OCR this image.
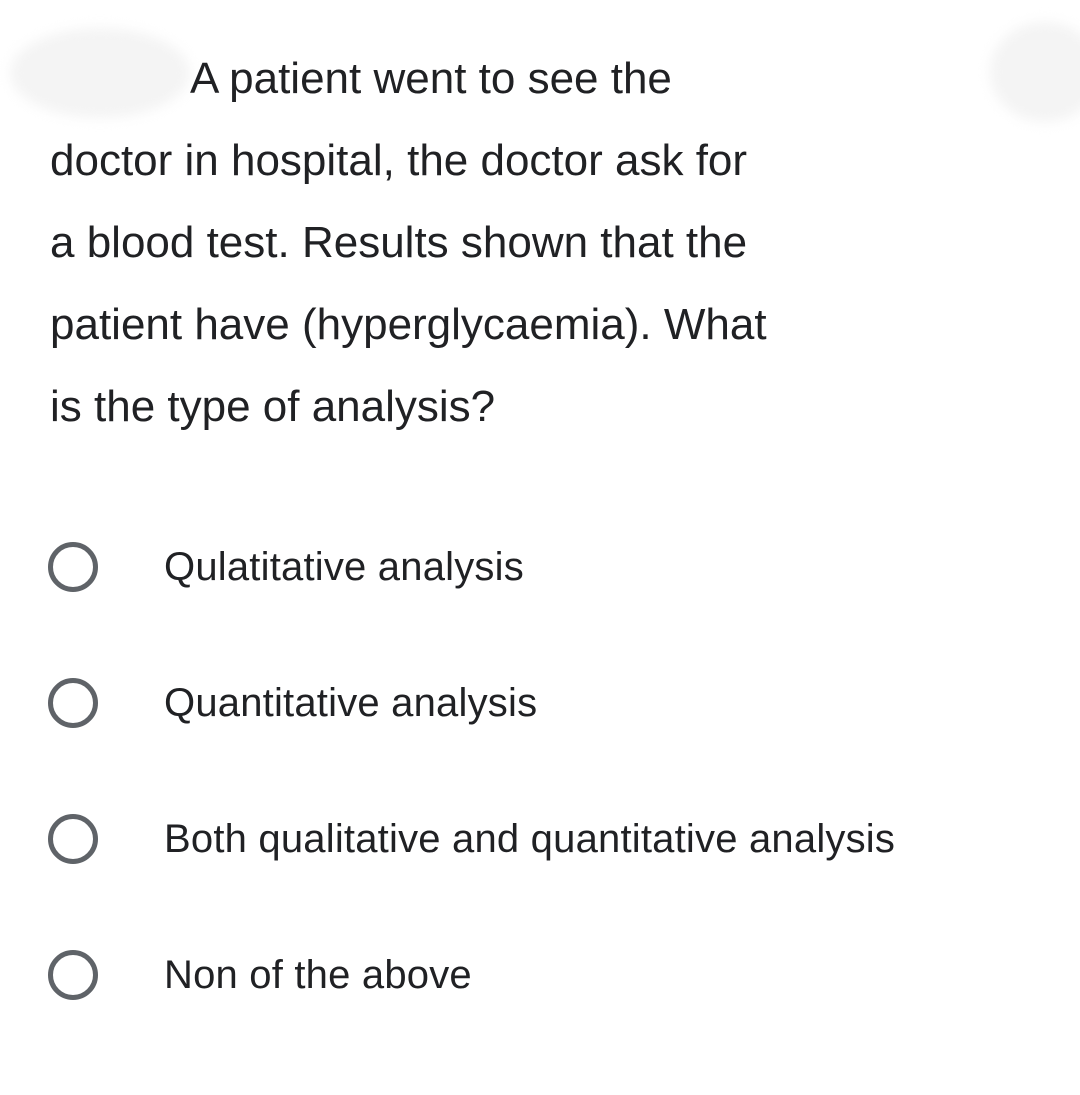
A patient went to see the
doctor in hospital, the doctor ask for
a blood test. Results shown that the
patient have (hyperglycaemia). What
is the type of analysis?
Qulatitative analysis
Quantitative analysis
Both qualitative and quantitative analysis
Non of the above
